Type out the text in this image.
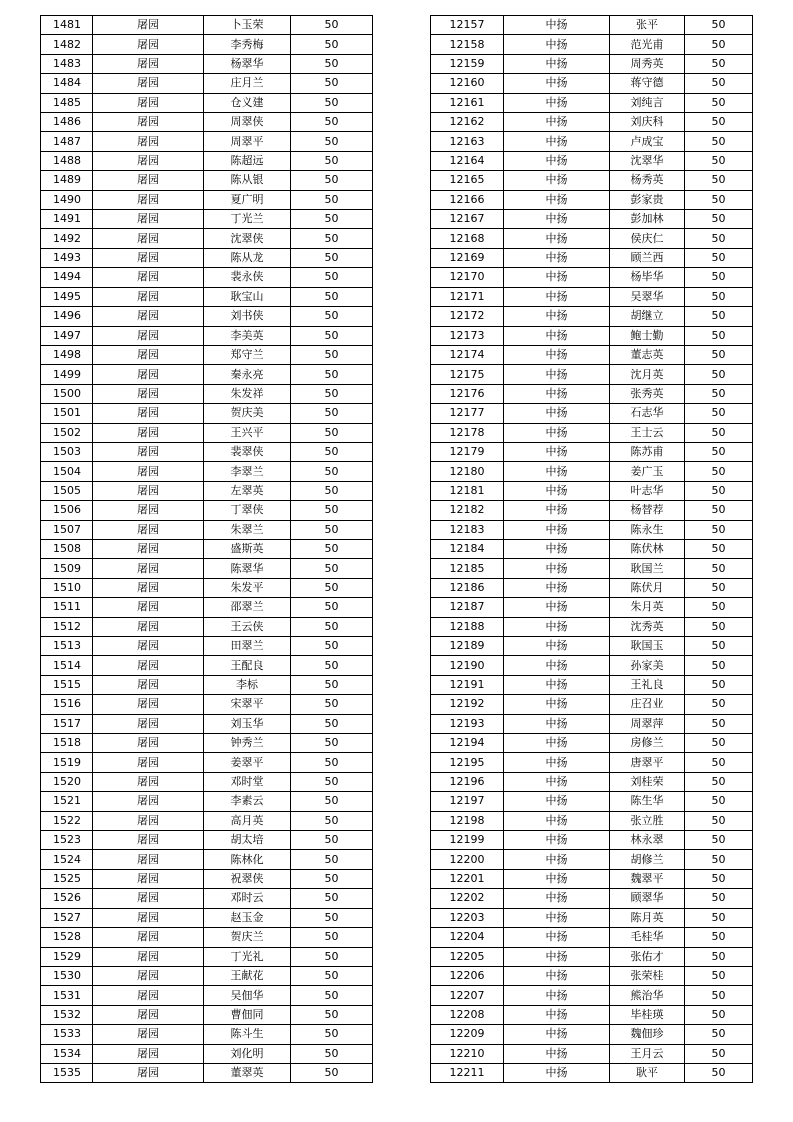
1481	屠园	卜玉荣	50
1482	屠园	李秀梅	50
1483	屠园	杨翠华	50
1484	屠园	庄月兰	50
1485	屠园	仓义建	50
1486	屠园	周翠侠	50
1487	屠园	周翠平	50
1488	屠园	陈超远	50
1489	屠园	陈从银	50
1490	屠园	夏广明	50
1491	屠园	丁光兰	50
1492	屠园	沈翠侠	50
1493	屠园	陈从龙	50
1494	屠园	裴永侠	50
1495	屠园	耿宝山	50
1496	屠园	刘书侠	50
1497	屠园	李美英	50
1498	屠园	郑守兰	50
1499	屠园	秦永亮	50
1500	屠园	朱发祥	50
1501	屠园	贺庆美	50
1502	屠园	王兴平	50
1503	屠园	裴翠侠	50
1504	屠园	李翠兰	50
1505	屠园	左翠英	50
1506	屠园	丁翠侠	50
1507	屠园	朱翠兰	50
1508	屠园	盛斯英	50
1509	屠园	陈翠华	50
1510	屠园	朱发平	50
1511	屠园	邵翠兰	50
1512	屠园	王云侠	50
1513	屠园	田翠兰	50
1514	屠园	王配良	50
1515	屠园	李标	50
1516	屠园	宋翠平	50
1517	屠园	刘玉华	50
1518	屠园	钟秀兰	50
1519	屠园	姜翠平	50
1520	屠园	邓时堂	50
1521	屠园	李素云	50
1522	屠园	高月英	50
1523	屠园	胡太培	50
1524	屠园	陈林化	50
1525	屠园	祝翠侠	50
1526	屠园	邓时云	50
1527	屠园	赵玉金	50
1528	屠园	贺庆兰	50
1529	屠园	丁光礼	50
1530	屠园	王献花	50
1531	屠园	吴佃华	50
1532	屠园	曹佃同	50
1533	屠园	陈斗生	50
1534	屠园	刘化明	50
1535	屠园	董翠英	50
12157	中扬	张平	50
12158	中扬	范光甫	50
12159	中扬	周秀英	50
12160	中扬	蒋守德	50
12161	中扬	刘纯言	50
12162	中扬	刘庆科	50
12163	中扬	卢成宝	50
12164	中扬	沈翠华	50
12165	中扬	杨秀英	50
12166	中扬	彭家贵	50
12167	中扬	彭加林	50
12168	中扬	侯庆仁	50
12169	中扬	顾兰西	50
12170	中扬	杨毕华	50
12171	中扬	吴翠华	50
12172	中扬	胡继立	50
12173	中扬	鲍士勤	50
12174	中扬	董志英	50
12175	中扬	沈月英	50
12176	中扬	张秀英	50
12177	中扬	石志华	50
12178	中扬	王士云	50
12179	中扬	陈苏甫	50
12180	中扬	姜广玉	50
12181	中扬	叶志华	50
12182	中扬	杨替荐	50
12183	中扬	陈永生	50
12184	中扬	陈伏林	50
12185	中扬	耿国兰	50
12186	中扬	陈伏月	50
12187	中扬	朱月英	50
12188	中扬	沈秀英	50
12189	中扬	耿国玉	50
12190	中扬	孙家美	50
12191	中扬	王礼良	50
12192	中扬	庄召业	50
12193	中扬	周翠萍	50
12194	中扬	房修兰	50
12195	中扬	唐翠平	50
12196	中扬	刘桂荣	50
12197	中扬	陈生华	50
12198	中扬	张立胜	50
12199	中扬	林永翠	50
12200	中扬	胡修兰	50
12201	中扬	魏翠平	50
12202	中扬	顾翠华	50
12203	中扬	陈月英	50
12204	中扬	毛桂华	50
12205	中扬	张佑才	50
12206	中扬	张荣桂	50
12207	中扬	熊治华	50
12208	中扬	毕桂瑛	50
12209	中扬	魏佃珍	50
12210	中扬	王月云	50
12211	中扬	耿平	50
